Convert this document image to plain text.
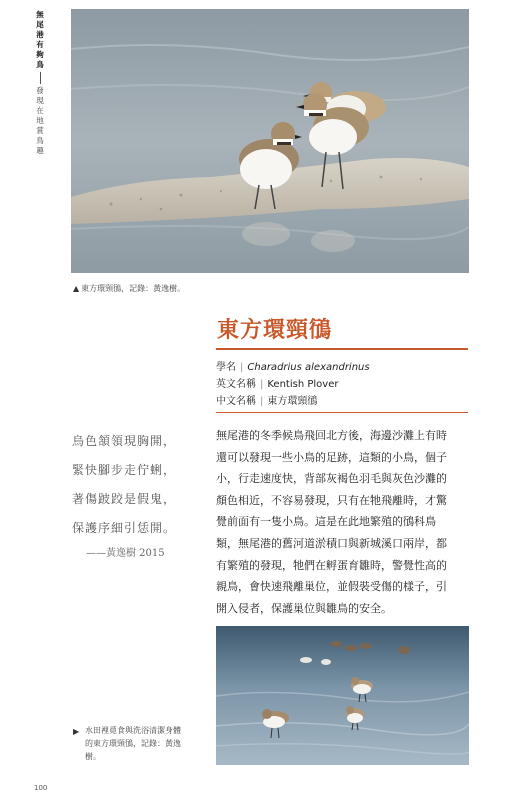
無
尾
港
有
夠
鳥
發
現
在
地
賞
鳥
趣
▲ 東方環頸鴴，記錄：黃逸樹。
東方環頸鴴
學名 | Charadrius alexandrinus
英文名稱 | Kentish Plover
中文名稱 | 東方環頸鴴
烏色頷領現胸開，
緊快腳步走佇蜊，
著傷跛跤是假鬼，
保護序細引恁開。
——黃逸樹 2015
無尾港的冬季候鳥飛回北方後，海邊沙灘上有時
還可以發現一些小鳥的足跡，這類的小鳥，個子
小，行走速度快，背部灰褐色羽毛與灰色沙灘的
顏色相近，不容易發現，只有在牠飛離時，才驚
覺前面有一隻小鳥。這是在此地繁殖的鴴科鳥
類，無尾港的舊河道淤積口與新城溪口兩岸，都
有繁殖的發現，牠們在孵蛋育雛時，警覺性高的
親鳥，會快速飛離巢位，並假裝受傷的樣子，引
開入侵者，保護巢位與雛鳥的安全。
▶ 水田裡覓食與洗浴清潔身體的東方環頸鴴，記錄：黃逸樹。
100
